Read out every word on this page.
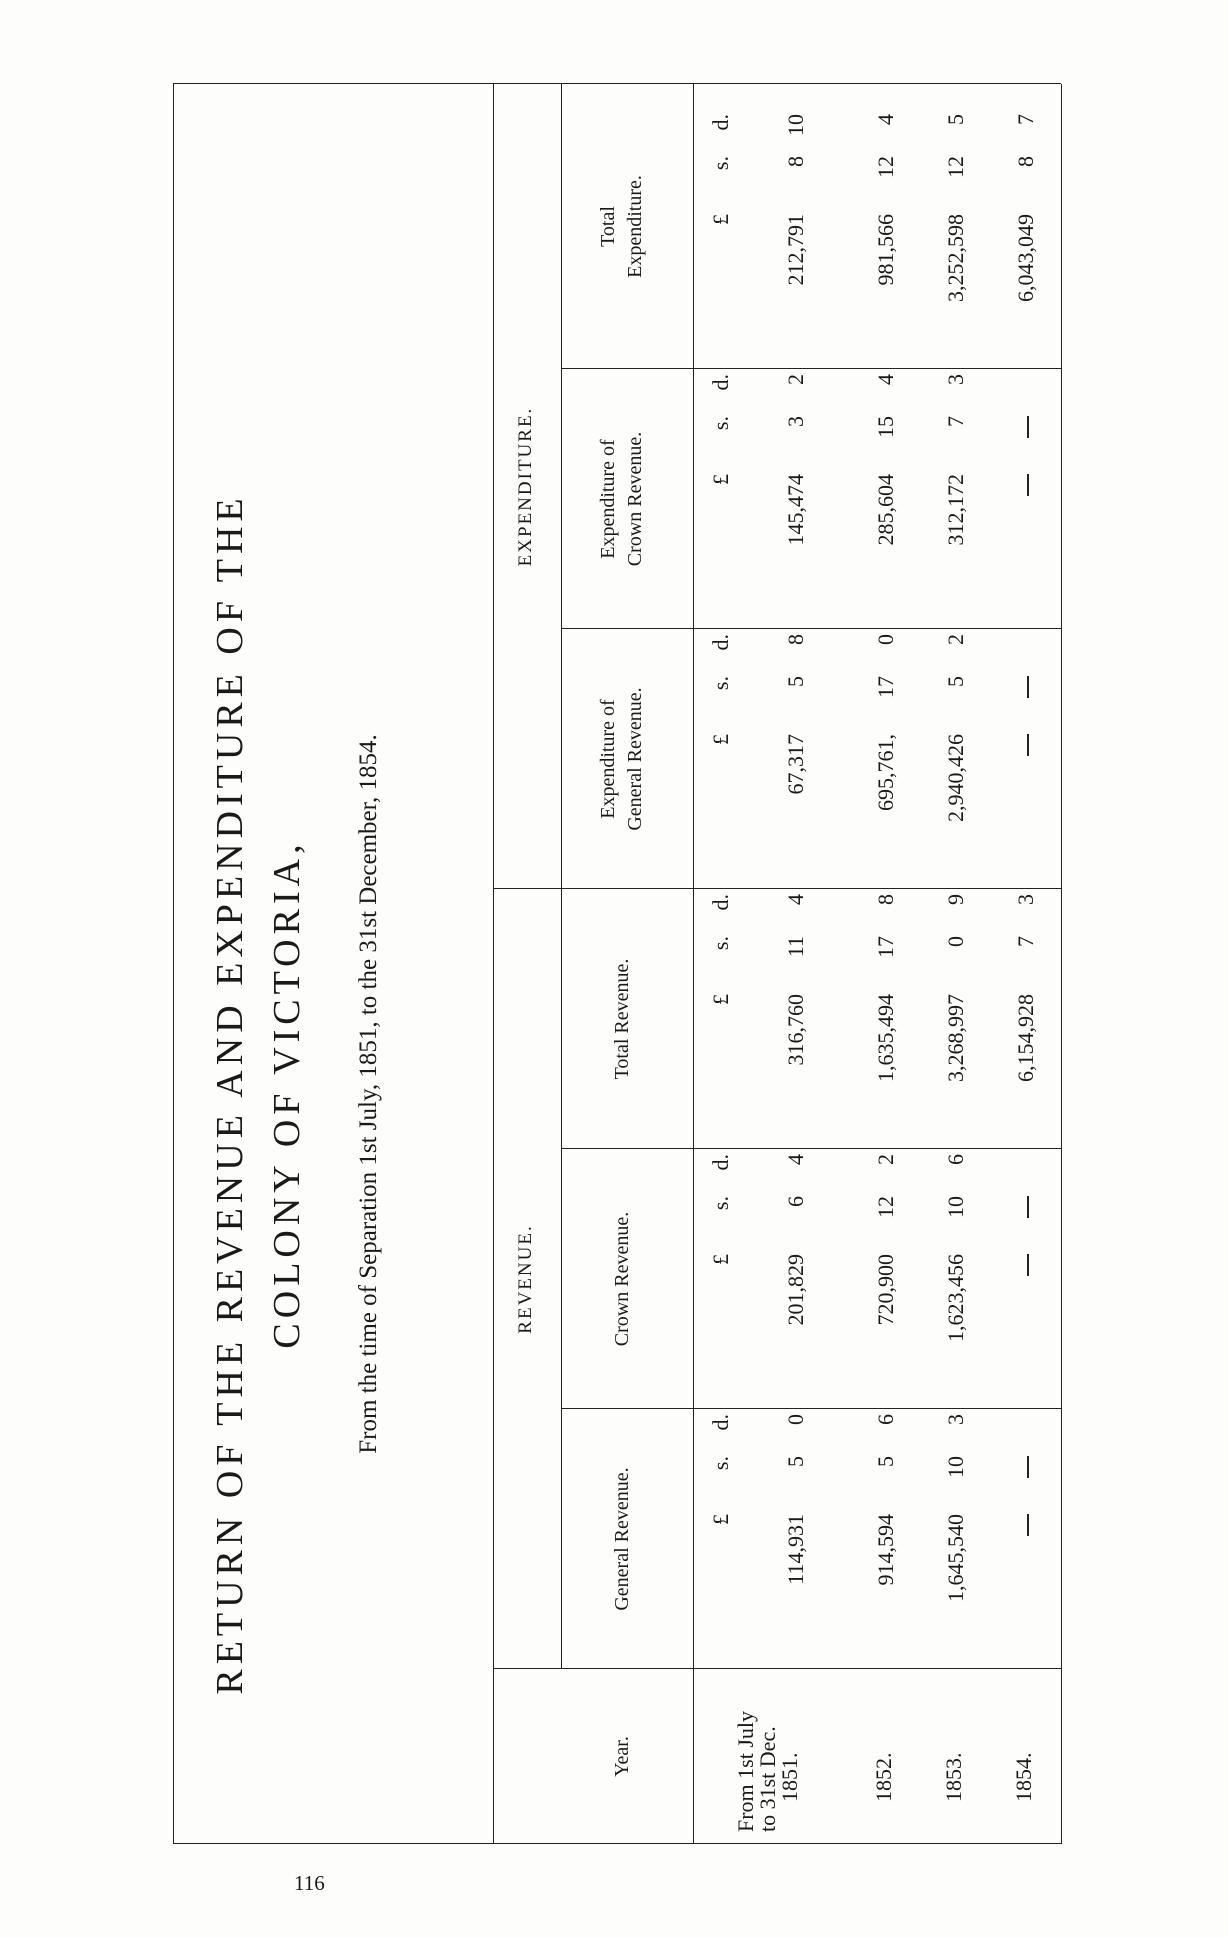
RETURN OF THE REVENUE AND EXPENDITURE OF THE COLONY OF VICTORIA, From the time of Separation 1st July, 1851, to the 31st December, 1854.	REVENUE.
EXPENDITURE.
Year.
General Revenue.
Crown Revenue.
Total Revenue.
Expenditure of General Revenue.
Expenditure of Crown Revenue.
Total Expenditure.
£
s.
d.
£
s.
d.
£
s.
d.
£
s.
d.
£
s.
d.
£
s.
d.
From 1st July
to 31st Dec.
1851.
114,931
5
0
201,829
6
4
316,760
11
4
67,317
5
8
145,474
3
2
212,791
8
10
1852.
914,594
5
6
720,900
12
2
1,635,494
17
8
695,761,
17
0
285,604
15
4
981,566
12
4
1853.
1,645,540
10
3
1,623,456
10
6
3,268,997
0
9
2,940,426
5
2
312,172
7
3
3,252,598
12
5
1854.
6,154,928
7
3
6,043,049
8
7
116
